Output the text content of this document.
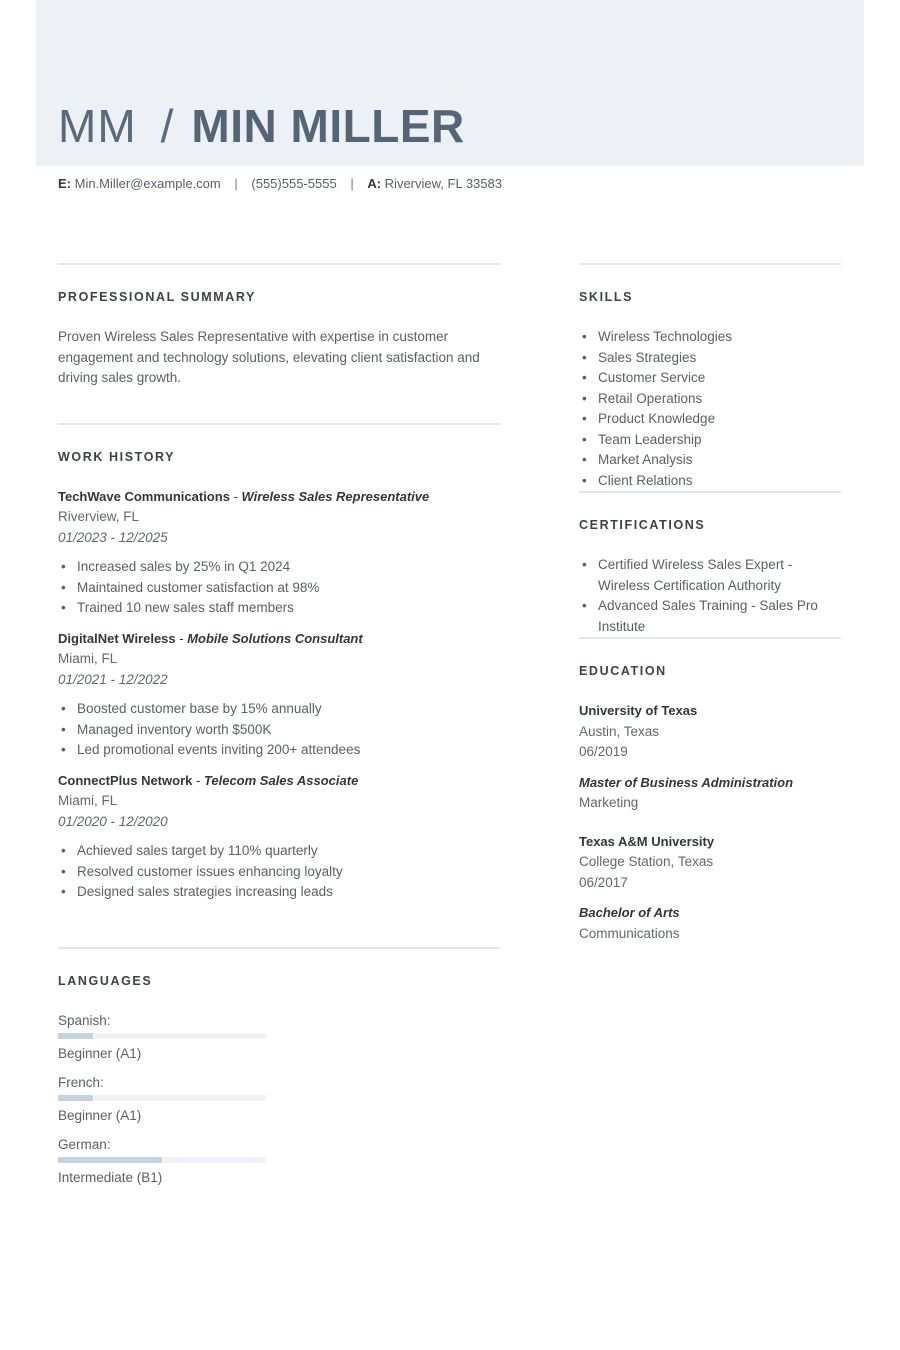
MM / MIN MILLER
E: Min.Miller@example.com | (555)555-5555 | A: Riverview, FL 33583
PROFESSIONAL SUMMARY

Proven Wireless Sales Representative with expertise in customer engagement and technology solutions, elevating client satisfaction and driving sales growth.

WORK HISTORY
TechWave Communications - Wireless Sales Representative
Riverview, FL
01/2023 - 12/2025
• Increased sales by 25% in Q1 2024
• Maintained customer satisfaction at 98%
• Trained 10 new sales staff members
DigitalNet Wireless - Mobile Solutions Consultant
Miami, FL
01/2021 - 12/2022
• Boosted customer base by 15% annually
• Managed inventory worth $500K
• Led promotional events inviting 200+ attendees
ConnectPlus Network - Telecom Sales Associate
Miami, FL
01/2020 - 12/2020
• Achieved sales target by 110% quarterly
• Resolved customer issues enhancing loyalty
• Designed sales strategies increasing leads
LANGUAGES
Spanish:
Beginner (A1)
French:
Beginner (A1)
German:
Intermediate (B1)
SKILLS
• Wireless Technologies
• Sales Strategies
• Customer Service
• Retail Operations
• Product Knowledge
• Team Leadership
• Market Analysis
• Client Relations
CERTIFICATIONS
• Certified Wireless Sales Expert - Wireless Certification Authority
• Advanced Sales Training - Sales Pro Institute
EDUCATION
University of Texas
Austin, Texas
06/2019
Master of Business Administration
Marketing
Texas A&M University
College Station, Texas
06/2017
Bachelor of Arts
Communications
